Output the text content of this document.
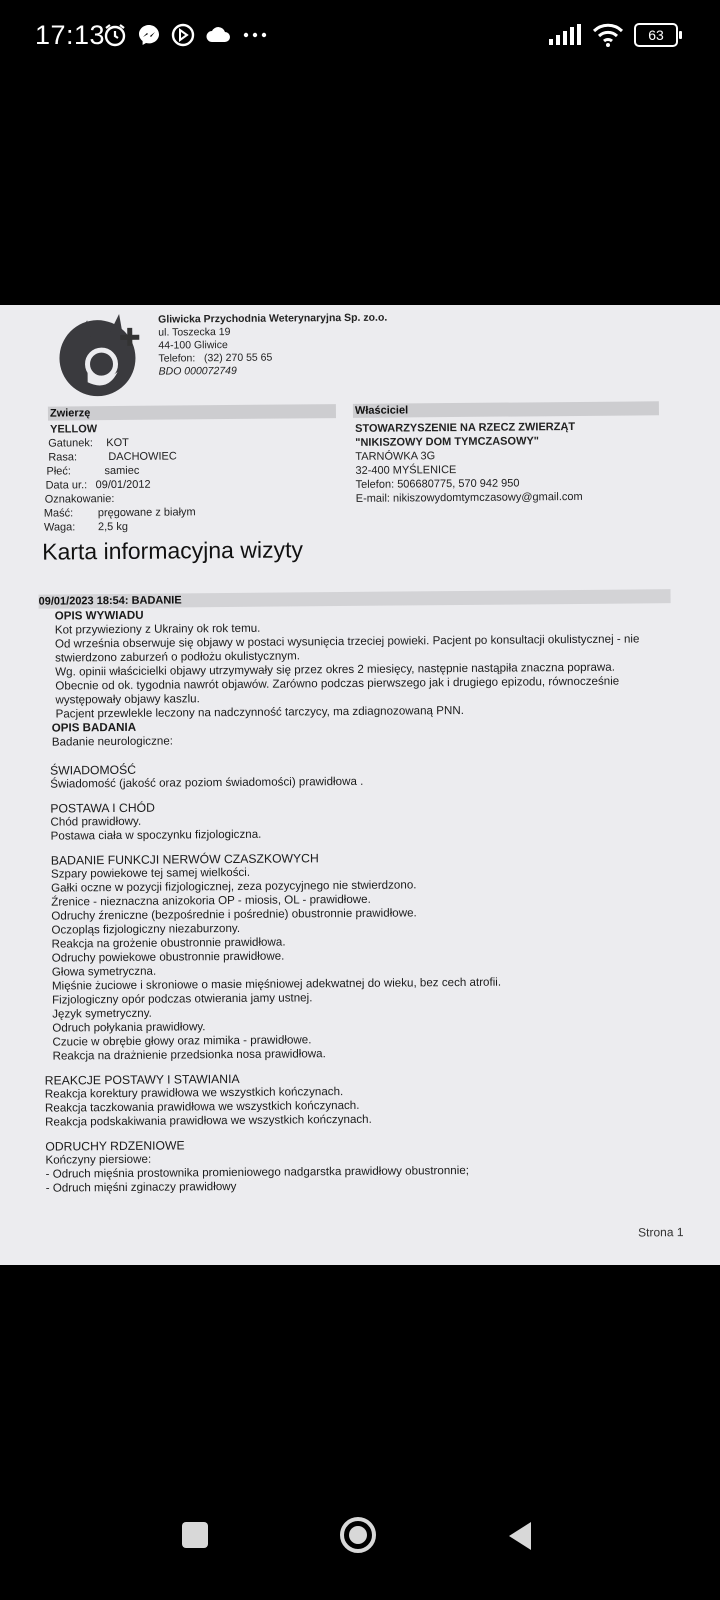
17:13	63
Gliwicka Przychodnia Weterynaryjna Sp. zo.o.
ul. Toszecka 19
44-100 Gliwice
Telefon: (32) 270 55 65
BDO 000072749
Zwierzę	Właściciel
YELLOW
Gatunek:	KOT
Rasa:	DACHOWIEC
Płeć:	samiec
Data ur.: 09/01/2012
Oznakowanie:
Maść:	pręgowane z białym
Waga:	2,5 kg
STOWARZYSZENIE NA RZECZ ZWIERZĄT
"NIKISZOWY DOM TYMCZASOWY"
TARNÓWKA 3G
32-400 MYŚLENICE
Telefon: 506680775, 570 942 950
E-mail: nikiszowydomtymczasowy@gmail.com
Karta informacyjna wizyty
09/01/2023 18:54: BADANIE
OPIS WYWIADU
Kot przywieziony z Ukrainy ok rok temu.
Od września obserwuje się objawy w postaci wysunięcia trzeciej powieki. Pacjent po konsultacji okulistycznej - nie stwierdzono zaburzeń o podłożu okulistycznym.
Wg. opinii właścicielki objawy utrzymywały się przez okres 2 miesięcy, następnie nastąpiła znaczna poprawa.
Obecnie od ok. tygodnia nawrót objawów. Zarówno podczas pierwszego jak i drugiego epizodu, równocześnie występowały objawy kaszlu.
Pacjent przewlekle leczony na nadczynność tarczycy, ma zdiagnozowaną PNN.
OPIS BADANIA
Badanie neurologiczne:
ŚWIADOMOŚĆ
Świadomość (jakość oraz poziom świadomości) prawidłowa .
POSTAWA I CHÓD
Chód prawidłowy.
Postawa ciała w spoczynku fizjologiczna.
BADANIE FUNKCJI NERWÓW CZASZKOWYCH
Szpary powiekowe tej samej wielkości.
Gałki oczne w pozycji fizjologicznej, zeza pozycyjnego nie stwierdzono.
Źrenice - nieznaczna anizokoria OP - miosis, OL - prawidłowe.
Odruchy źreniczne (bezpośrednie i pośrednie) obustronnie prawidłowe.
Oczopląs fizjologiczny niezaburzony.
Reakcja na grożenie obustronnie prawidłowa.
Odruchy powiekowe obustronnie prawidłowe.
Głowa symetryczna.
Mięśnie żuciowe i skroniowe o masie mięśniowej adekwatnej do wieku, bez cech atrofii.
Fizjologiczny opór podczas otwierania jamy ustnej.
Język symetryczny.
Odruch połykania prawidłowy.
Czucie w obrębie głowy oraz mimika - prawidłowe.
Reakcja na drażnienie przedsionka nosa prawidłowa.
REAKCJE POSTAWY I STAWIANIA
Reakcja korektury prawidłowa we wszystkich kończynach.
Reakcja taczkowania prawidłowa we wszystkich kończynach.
Reakcja podskakiwania prawidłowa we wszystkich kończynach.
ODRUCHY RDZENIOWE
Kończyny piersiowe:
- Odruch mięśnia prostownika promieniowego nadgarstka prawidłowy obustronnie;
- Odruch mięśni zginaczy prawidłowy
Strona 1
